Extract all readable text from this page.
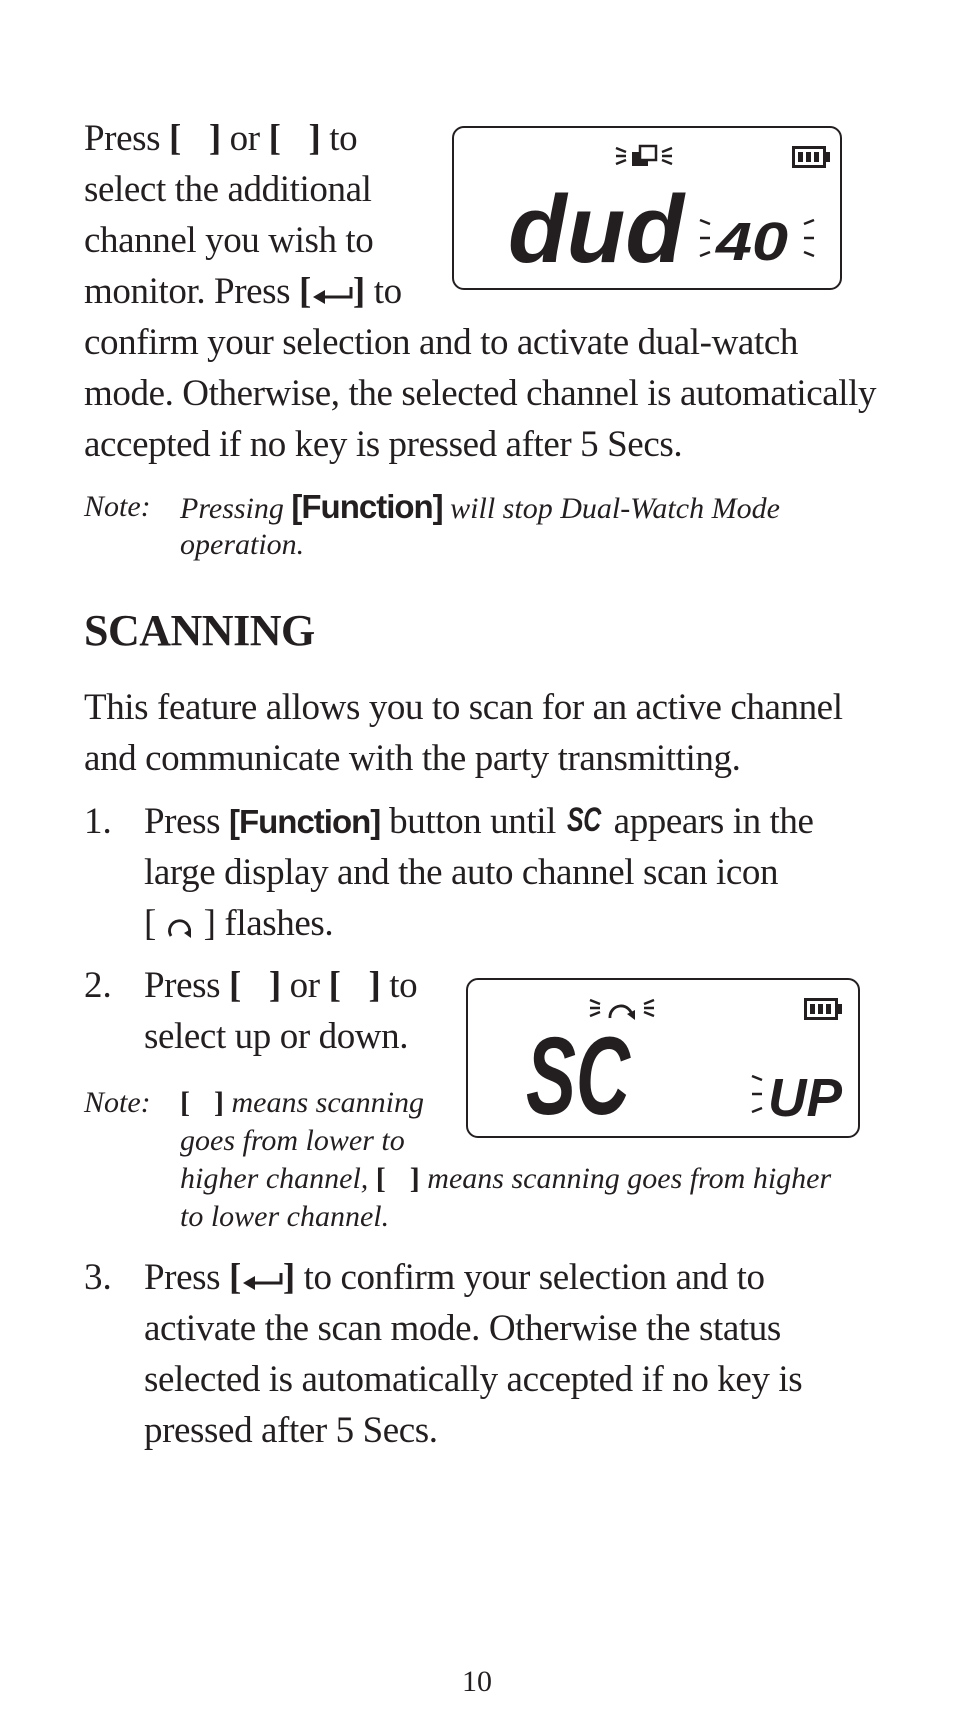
Press [ ] or [ ] to
select the additional
channel you wish to
monitor. Press [ ] to
confirm your selection and to activate dual-watch
mode. Otherwise, the selected channel is automatically
accepted if no key is pressed after 5 Secs.
dud 40
Note: Pressing [Function] will stop Dual-Watch Mode
operation.
SCANNING
This feature allows you to scan for an active channel
and communicate with the party transmitting.
1. Press [Function] button until SC appears in the
large display and the auto channel scan icon
[  ] flashes.
2. Press [ ] or [ ] to
select up or down. SC	UP
Note: [ ] means scanning
goes from lower to
higher channel, [ ] means scanning goes from higher
to lower channel.
3. Press [ ] to confirm your selection and to
activate the scan mode. Otherwise the status
selected is automatically accepted if no key is
pressed after 5 Secs.
10
